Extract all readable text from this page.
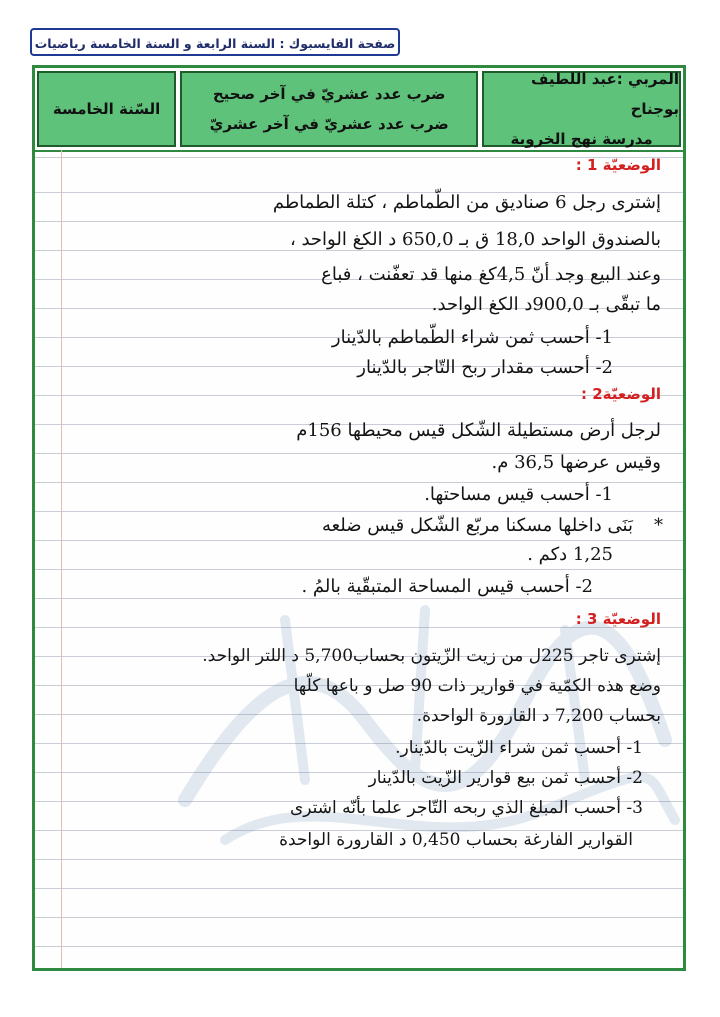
صفحة الفايسبوك : السنة الرابعة و السنة الخامسة رياضيات
المربي :عبد اللطيف بوجناح
مدرسة نهج الخروبة
ضرب عدد عشريّ في آخر صحيح
ضرب عدد عشريّ في آخر عشريّ
السّنة الخامسة
الوضعيّة 1 :
إشترى رجل 6 صناديق من الطّماطم ، كتلة الطماطم
بالصندوق الواحد 18,0 ق بـ 650,0 د الكغ الواحد ،
وعند البيع وجد أنّ 4,5كغ منها قد تعفّنت ، فباع
ما تبقّى بـ 900,0د الكغ الواحد.
1- أحسب ثمن شراء الطّماطم بالدّينار
2- أحسب مقدار ربح التّاجر بالدّينار
الوضعيّة2 :
لرجل أرض مستطيلة الشّكل قيس محيطها 156م
وقيس عرضها 36,5 م.
1- أحسب قيس مساحتها.
*
بَنَى داخلها مسكنا مربّع الشّكل قيس ضلعه
1,25 دكم .
2- أحسب قيس المساحة المتبقّية بالمُ .
الوضعيّة 3 :
إشترى تاجر 225ل من زيت الزّيتون بحساب5,700 د اللتر الواحد.
وضع هذه الكمّية في قوارير ذات 90 صل و باعها كلّها
بحساب 7,200 د القارورة الواحدة.
1- أحسب ثمن شراء الزّيت بالدّينار.
2- أحسب ثمن بيع قوارير الزّيت بالدّينار
3- أحسب المبلغ الذي ربحه التّاجر علما بأنّه اشترى
القوارير الفارغة بحساب 0,450 د القارورة الواحدة
